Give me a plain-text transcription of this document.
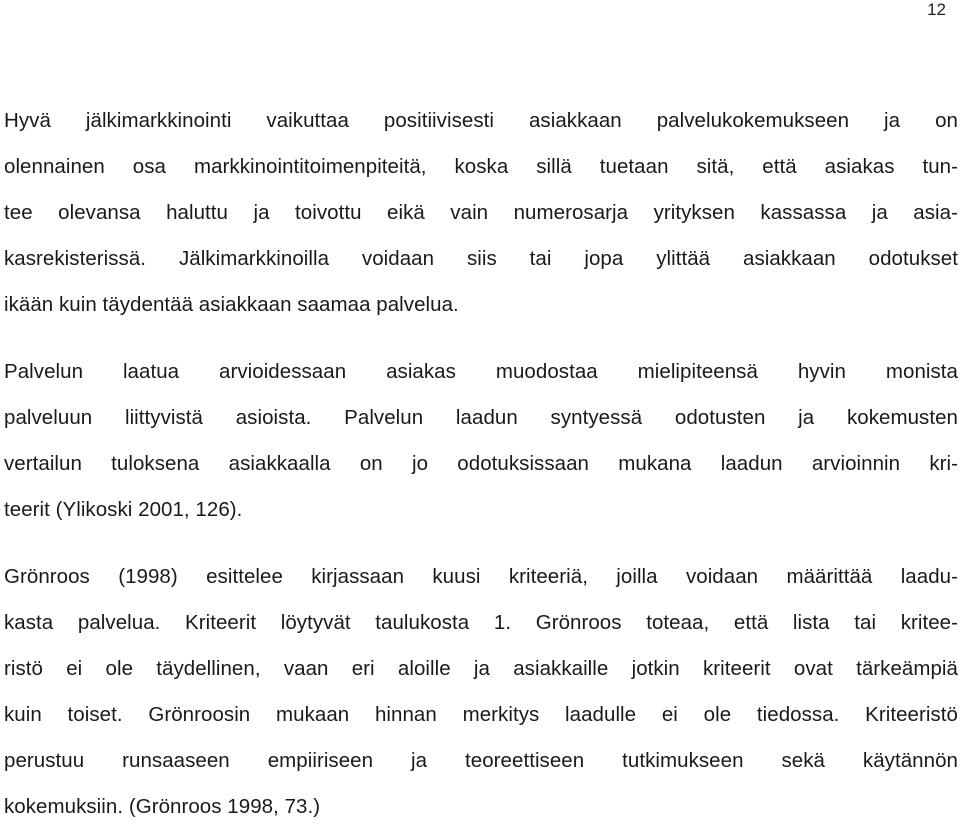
12
Hyvä jälkimarkkinointi vaikuttaa positiivisesti asiakkaan palvelukokemukseen ja on
olennainen osa markkinointitoimenpiteitä, koska sillä tuetaan sitä, että asiakas tun-
tee olevansa haluttu ja toivottu eikä vain numerosarja yrityksen kassassa ja asia-
kasrekisterissä. Jälkimarkkinoilla voidaan siis tai jopa ylittää asiakkaan odotukset
ikään kuin täydentää asiakkaan saamaa palvelua.
Palvelun laatua arvioidessaan asiakas muodostaa mielipiteensä hyvin monista
palveluun liittyvistä asioista. Palvelun laadun syntyessä odotusten ja kokemusten
vertailun tuloksena asiakkaalla on jo odotuksissaan mukana laadun arvioinnin kri-
teerit (Ylikoski 2001, 126).
Grönroos (1998) esittelee kirjassaan kuusi kriteeriä, joilla voidaan määrittää laadu-
kasta palvelua. Kriteerit löytyvät taulukosta 1. Grönroos toteaa, että lista tai kritee-
ristö ei ole täydellinen, vaan eri aloille ja asiakkaille jotkin kriteerit ovat tärkeämpiä
kuin toiset. Grönroosin mukaan hinnan merkitys laadulle ei ole tiedossa. Kriteeristö
perustuu runsaaseen empiiriseen ja teoreettiseen tutkimukseen sekä käytännön
kokemuksiin. (Grönroos 1998, 73.)
